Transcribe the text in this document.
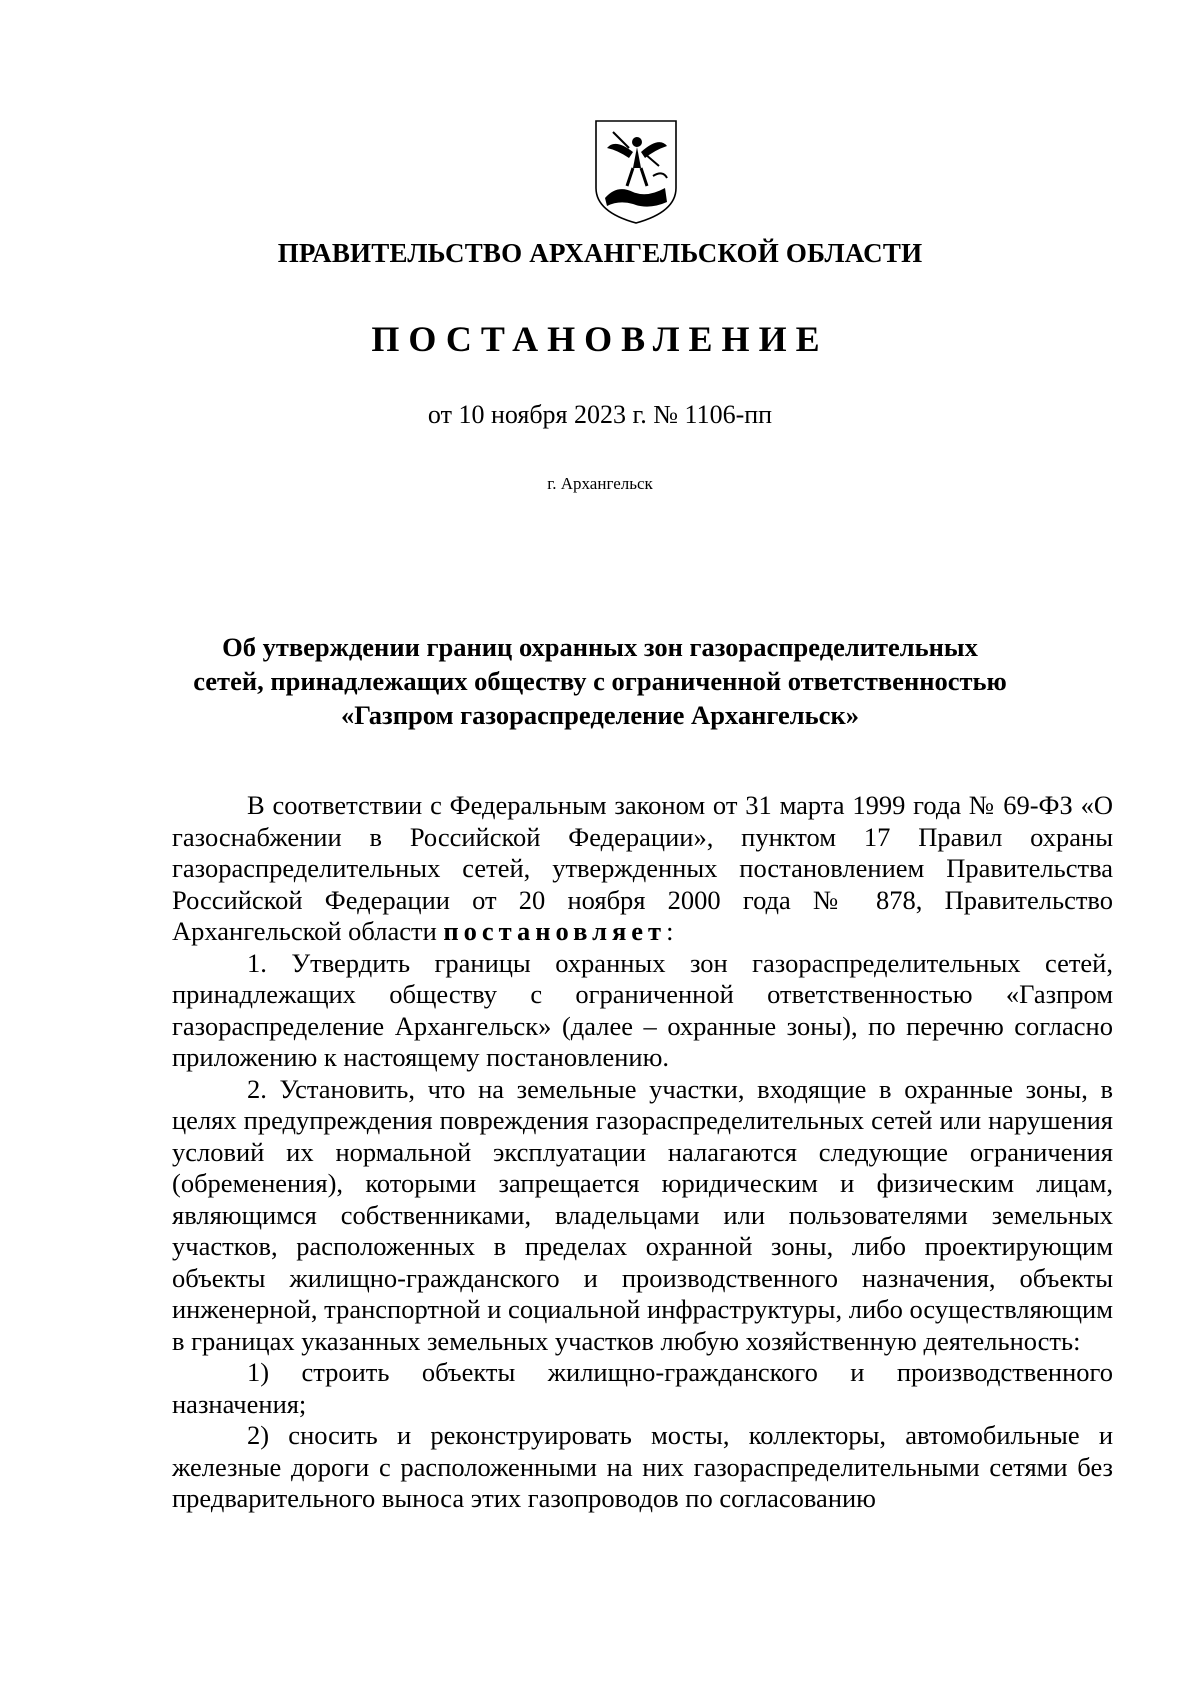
ПРАВИТЕЛЬСТВО АРХАНГЕЛЬСКОЙ ОБЛАСТИ
ПОСТАНОВЛЕНИЕ
от 10 ноября 2023 г. № 1106-пп
г. Архангельск
Об утверждении границ охранных зон газораспределительных
сетей, принадлежащих обществу с ограниченной ответственностью
«Газпром газораспределение Архангельск»

В соответствии с Федеральным законом от 31 марта 1999 года № 69-ФЗ «О газоснабжении в Российской Федерации», пунктом 17 Правил охраны газораспределительных сетей, утвержденных постановлением Правительства Российской Федерации от 20 ноября 2000 года № 878, Правительство Архангельской области постановляет:

1. Утвердить границы охранных зон газораспределительных сетей, принадлежащих обществу с ограниченной ответственностью «Газпром газораспределение Архангельск» (далее – охранные зоны), по перечню согласно приложению к настоящему постановлению.

2. Установить, что на земельные участки, входящие в охранные зоны, в целях предупреждения повреждения газораспределительных сетей или нарушения условий их нормальной эксплуатации налагаются следующие ограничения (обременения), которыми запрещается юридическим и физическим лицам, являющимся собственниками, владельцами или пользователями земельных участков, расположенных в пределах охранной зоны, либо проектирующим объекты жилищно-гражданского и производственного назначения, объекты инженерной, транспортной и социальной инфраструктуры, либо осуществляющим в границах указанных земельных участков любую хозяйственную деятельность:

1) строить объекты жилищно-гражданского и производственного назначения;

2) сносить и реконструировать мосты, коллекторы, автомобильные и железные дороги с расположенными на них газораспределительными сетями без предварительного выноса этих газопроводов по согласованию
